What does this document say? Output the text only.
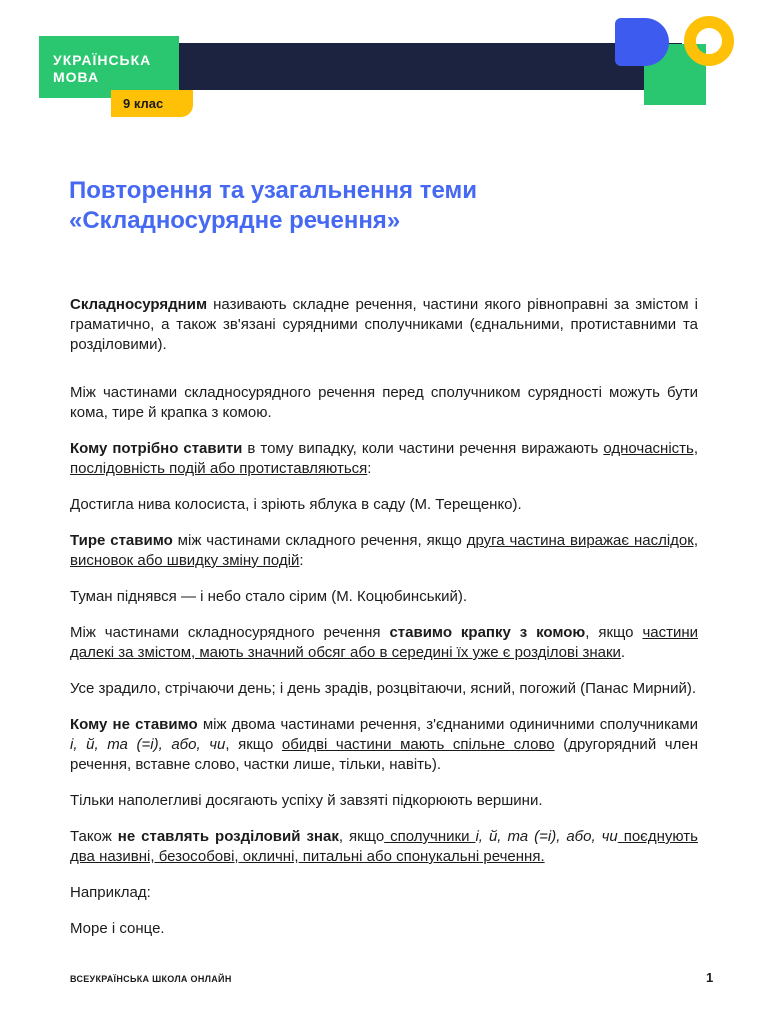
УКРАЇНСЬКА
МОВА
9 клас
Повторення та узагальнення теми
«Складносурядне речення»

Складносурядним називають складне речення, частини якого рівноправні за змістом і граматично, а також зв'язані сурядними сполучниками (єднальними, протиставними та розділовими).

Між частинами складносурядного речення перед сполучником сурядності можуть бути кома, тире й крапка з комою.

Кому потрібно ставити в тому випадку, коли частини речення виражають одночасність, послідовність подій або протиставляються:

Достигла нива колосиста, і зріють яблука в саду (М. Терещенко).

Тире ставимо між частинами складного речення, якщо друга частина виражає наслідок, висновок або швидку зміну подій:

Туман піднявся — і небо стало сірим (М. Коцюбинський).

Між частинами складносурядного речення ставимо крапку з комою, якщо частини далекі за змістом, мають значний обсяг або в середині їх уже є розділові знаки.

Усе зрадило, стрічаючи день; і день зрадів, розцвітаючи, ясний, погожий (Панас Мирний).

Кому не ставимо між двома частинами речення, з'єднаними одиничними сполучниками і, й, та (=і), або, чи, якщо обидві частини мають спільне слово (другорядний член речення, вставне слово, частки лише, тільки, навіть).

Тільки наполегливі досягають успіху й завзяті підкорюють вершини.

Також не ставлять розділовий знак, якщо сполучники і, й, та (=і), або, чи поєднують два називні, безособові, окличні, питальні або спонукальні речення.

Наприклад:

Море і сонце.

ВСЕУКРАЇНСЬКА ШКОЛА ОНЛАЙН	1
